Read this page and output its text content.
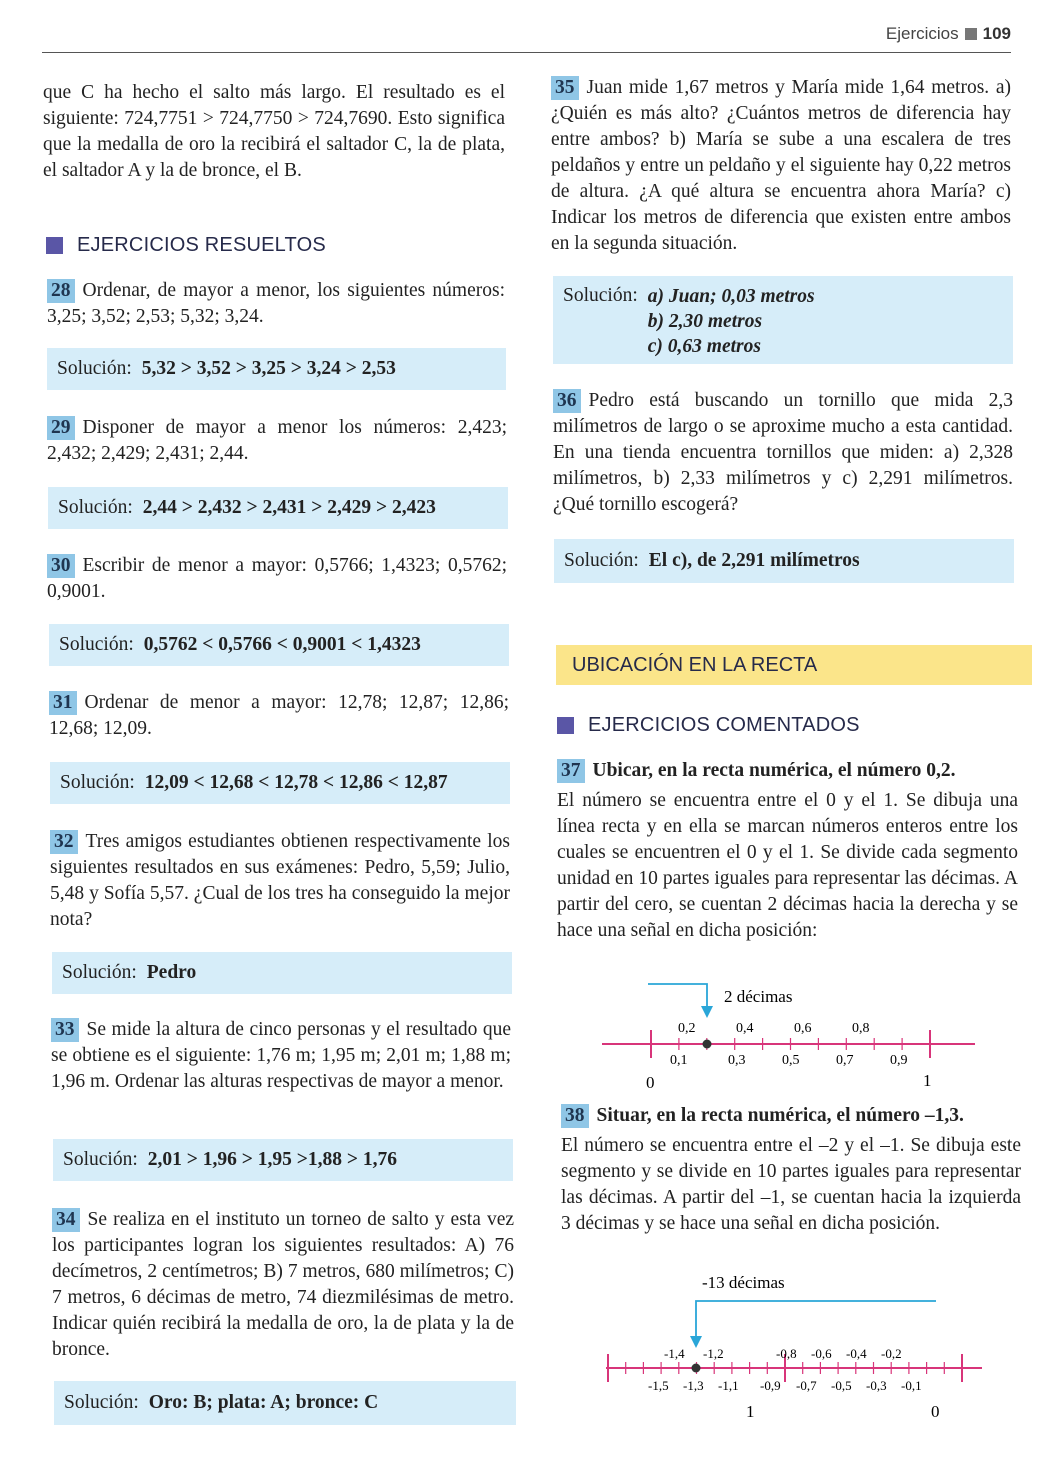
Ejercicios 109

que C ha hecho el salto más largo. El resultado es el siguiente: 724,7751 > 724,7750 > 724,7690. Esto significa que la medalla de oro la recibirá el saltador C, la de plata, el saltador A y la de bronce, el B.

EJERCICIOS RESUELTOS

28 Ordenar, de mayor a menor, los siguientes números: 3,25; 3,52; 2,53; 5,32; 3,24.

Solución: 5,32 > 3,52 > 3,25 > 3,24 > 2,53

29 Disponer de mayor a menor los números: 2,423; 2,432; 2,429; 2,431; 2,44.

Solución: 2,44 > 2,432 > 2,431 > 2,429 > 2,423

30 Escribir de menor a mayor: 0,5766; 1,4323; 0,5762; 0,9001.

Solución: 0,5762 < 0,5766 < 0,9001 < 1,4323

31 Ordenar de menor a mayor: 12,78; 12,87; 12,86; 12,68; 12,09.

Solución: 12,09 < 12,68 < 12,78 < 12,86 < 12,87

32 Tres amigos estudiantes obtienen respectivamente los siguientes resultados en sus exámenes: Pedro, 5,59; Julio, 5,48 y Sofía 5,57. ¿Cual de los tres ha conseguido la mejor nota?

Solución: Pedro

33 Se mide la altura de cinco personas y el resultado que se obtiene es el siguiente: 1,76 m; 1,95 m; 2,01 m; 1,88 m; 1,96 m. Ordenar las alturas respectivas de mayor a menor.

Solución: 2,01 > 1,96 > 1,95 >1,88 > 1,76

34 Se realiza en el instituto un torneo de salto y esta vez los participantes logran los siguientes resultados: A) 76 decímetros, 2 centímetros; B) 7 metros, 680 milímetros; C) 7 metros, 6 décimas de metro, 74 diezmilésimas de metro. Indicar quién recibirá la medalla de oro, la de plata y la de bronce.

Solución: Oro: B; plata: A; bronce: C

35 Juan mide 1,67 metros y María mide 1,64 metros. a) ¿Quién es más alto? ¿Cuántos metros de diferencia hay entre ambos? b) María se sube a una escalera de tres peldaños y entre un peldaño y el siguiente hay 0,22 metros de altura. ¿A qué altura se encuentra ahora María? c) Indicar los metros de diferencia que existen entre ambos en la segunda situación.

Solución: a) Juan; 0,03 metros
b) 2,30 metros
c) 0,63 metros

36 Pedro está buscando un tornillo que mida 2,3 milímetros de largo o se aproxime mucho a esta cantidad. En una tienda encuentra tornillos que miden: a) 2,328 milímetros, b) 2,33 milímetros y c) 2,291 milímetros. ¿Qué tornillo escogerá?

Solución: El c), de 2,291 milímetros
UBICACIÓN EN LA RECTA
EJERCICIOS COMENTADOS

37 Ubicar, en la recta numérica, el número 0,2.

El número se encuentra entre el 0 y el 1. Se dibuja una línea recta y en ella se marcan números enteros entre los cuales se encuentren el 0 y el 1. Se divide cada segmento unidad en 10 partes iguales para representar las décimas. A partir del cero, se cuentan 2 décimas hacia la derecha y se hace una señal en dicha posición:

2 décimas
0,2	0,4	0,6	0,8
0,1	0,3	0,5	0,7	0,9
0	1

38 Situar, en la recta numérica, el número –1,3.

El número se encuentra entre el –2 y el –1. Se dibuja este segmento y se divide en 10 partes iguales para representar las décimas. A partir del –1, se cuentan hacia la izquierda 3 décimas y se hace una señal en dicha posición.

-13 décimas
-1,4 -1,2	-0,8 -0,6 -0,4 -0,2
-1,5 -1,3 -1,1 -0,9 -0,7 -0,5 -0,3 -0,1
1	0
